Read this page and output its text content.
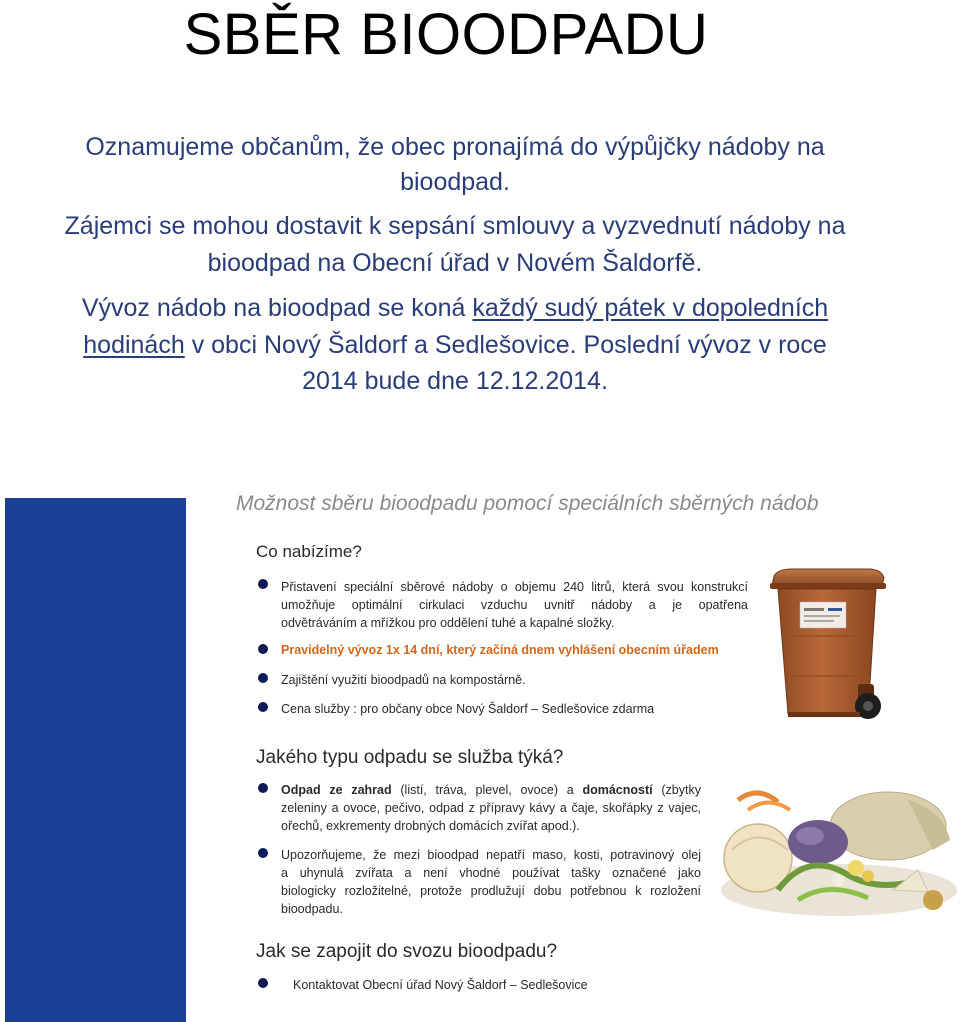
SBĚR BIOODPADU
Oznamujeme občanům, že obec pronajímá do výpůjčky nádoby na
bioodpad.
Zájemci se mohou dostavit k sepsání smlouvy a vyzvednutí nádoby na
bioodpad na Obecní úřad v Novém Šaldorfě.
Vývoz nádob na bioodpad se koná každý sudý pátek v dopoledních
hodinách v obci Nový Šaldorf a Sedlešovice. Poslední vývoz v roce
2014 bude dne 12.12.2014.
Možnost sběru bioodpadu pomocí speciálních sběrných nádob
Co nabízíme?
Přistavení speciální sběrové nádoby o objemu 240 litrů, která svou konstrukcí
umožňuje optimální cirkulaci vzduchu uvnitř nádoby a je opatřena
odvětráváním a mřížkou pro oddělení tuhé a kapalné složky.
Pravidelný vývoz 1x 14 dní, který začíná dnem vyhlášení obecním úřadem
Zajištění využití bioodpadů na kompostárně.
Cena služby : pro občany obce Nový Šaldorf – Sedlešovice zdarma
Jakého typu odpadu se služba týká?
Odpad ze zahrad (listí, tráva, plevel, ovoce) a domácností (zbytky
zeleniny a ovoce, pečivo, odpad z přípravy kávy a čaje, skořápky z vajec,
ořechů, exkrementy drobných domácích zvířat apod.).
Upozorňujeme, že mezi bioodpad nepatří maso, kosti, potravinový olej
a uhynulá zvířata a není vhodné používat tašky označené jako
biologicky rozložitelné, protože prodlužují dobu potřebnou k rozložení
bioodpadu.
Jak se zapojit do svozu bioodpadu?
Kontaktovat Obecní úřad Nový Šaldorf – Sedlešovice
